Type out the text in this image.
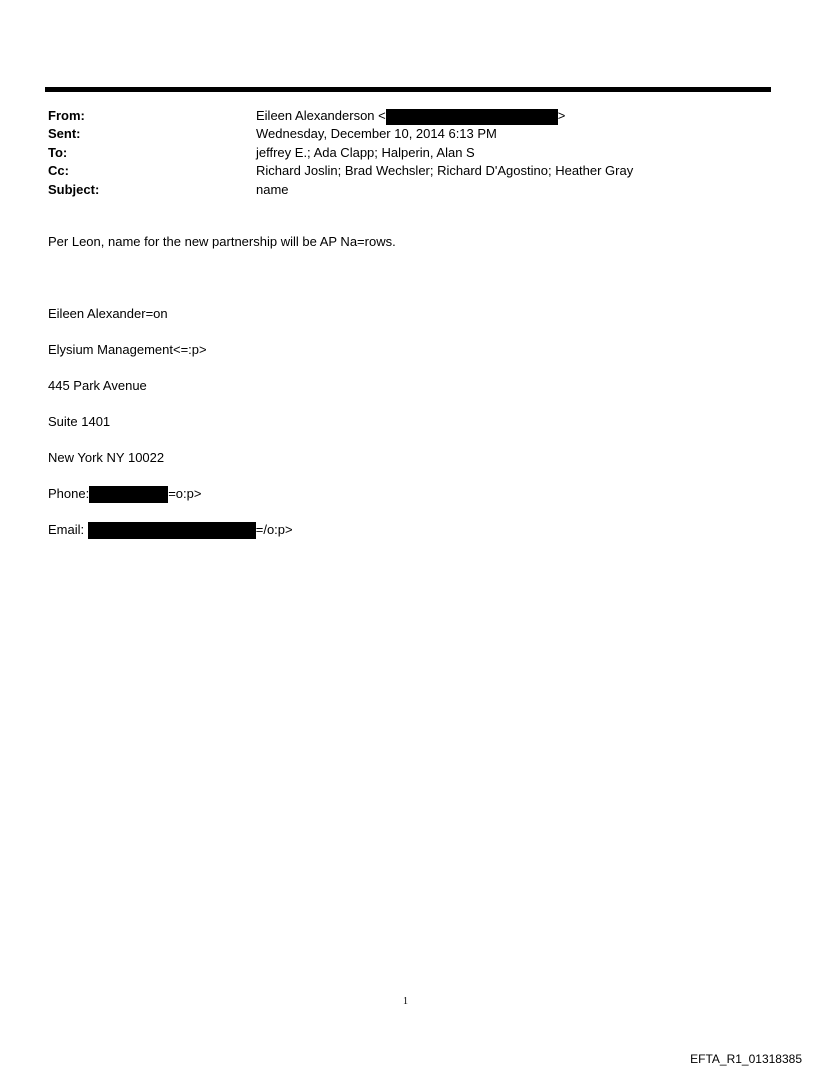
From:	Eileen Alexanderson <	>
Sent:	Wednesday, December 10, 2014 6:13 PM
To:	jeffrey E.; Ada Clapp; Halperin, Alan S
Cc:	Richard Joslin; Brad Wechsler; Richard D'Agostino; Heather Gray
Subject:	name
Per Leon, name for the new partnership will be AP Na=rows.
Eileen Alexander=on
Elysium Management<=:p>
445 Park Avenue
Suite 1401
New York NY 10022
Phone:	=o:p>
Email:	=/o:p>
1
EFTA_R1_01318385
